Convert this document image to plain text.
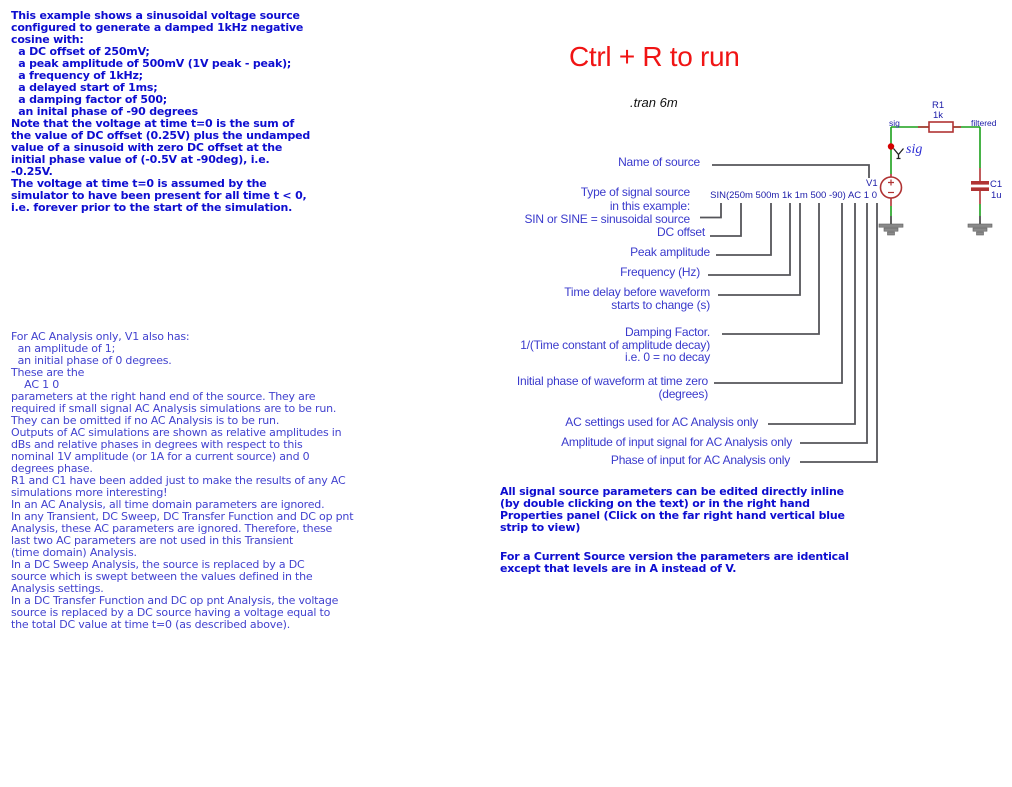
This example shows a sinusoidal voltage source
configured to generate a damped 1kHz negative
cosine with:
a DC offset of 250mV;
a peak amplitude of 500mV (1V peak - peak);
a frequency of 1kHz;
a delayed start of 1ms;
a damping factor of 500;
an inital phase of -90 degrees
Note that the voltage at time t=0 is the sum of
the value of DC offset (0.25V) plus the undamped
value of a sinusoid with zero DC offset at the
initial phase value of (-0.5V at -90deg), i.e.
-0.25V.
The voltage at time t=0 is assumed by the
simulator to have been present for all time t < 0,
i.e. forever prior to the start of the simulation.
For AC Analysis only, V1 also has:
an amplitude of 1;
an initial phase of 0 degrees.
These are the
AC 1 0
parameters at the right hand end of the source. They are
required if small signal AC Analysis simulations are to be run.
They can be omitted if no AC Analysis is to be run.
Outputs of AC simulations are shown as relative amplitudes in
dBs and relative phases in degrees with respect to this
nominal 1V amplitude (or 1A for a current source) and 0
degrees phase.
R1 and C1 have been added just to make the results of any AC
simulations more interesting!
In an AC Analysis, all time domain parameters are ignored.
In any Transient, DC Sweep, DC Transfer Function and DC op pnt
Analysis, these AC parameters are ignored. Therefore, these
last two AC parameters are not used in this Transient
(time domain) Analysis.
In a DC Sweep Analysis, the source is replaced by a DC
source which is swept between the values defined in the
Analysis settings.
In a DC Transfer Function and DC op pnt Analysis, the voltage
source is replaced by a DC source having a voltage equal to
the total DC value at time t=0 (as described above).
All signal source parameters can be edited directly inline
(by double clicking on the text) or in the right hand
Properties panel (Click on the far right hand vertical blue
strip to view)
For a Current Source version the parameters are identical
except that levels are in A instead of V.
Ctrl + R to run
.tran 6m
Name of source
Type of signal source
in this example:
SIN or SINE = sinusoidal source
DC offset
Peak amplitude
Frequency (Hz)
Time delay before waveform
starts to change (s)
Damping Factor.
1/(Time constant of amplitude decay)
i.e. 0 = no decay
Initial phase of waveform at time zero
(degrees)
AC settings used for AC Analysis only
Amplitude of input signal for AC Analysis only
Phase of input for AC Analysis only
SIN(250m 500m 1k 1m 500 -90) AC 1 0
V1
R1
1k
C1
1u
sig	filtered
sig
